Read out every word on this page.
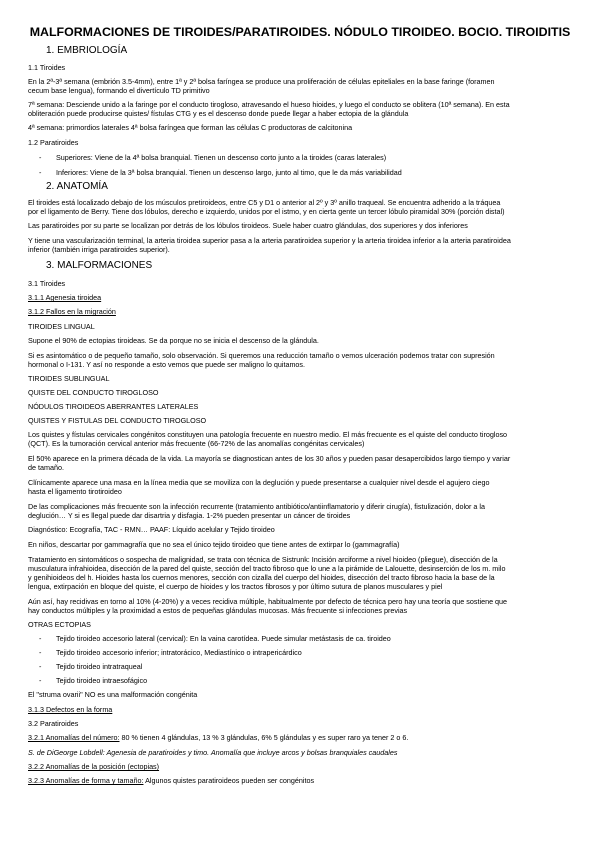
MALFORMACIONES DE TIROIDES/PARATIROIDES. NÓDULO TIROIDEO. BOCIO. TIROIDITIS
1. EMBRIOLOGÍA
1.1 Tiroides
En la 2ª-3ª semana (embrión 3.5-4mm), entre 1ª y 2ª bolsa faríngea se produce una proliferación de células epiteliales en la base faringe (foramen
cecum base lengua), formando el divertículo TD primitivo
7ª semana: Desciende unido a la faringe por el conducto tirogloso, atravesando el hueso hioides, y luego el conducto se oblitera (10ª semana). En esta
obliteración puede producirse quistes/ fístulas CTG y es el descenso donde puede llegar a haber ectopia de la glándula
4ª semana: primordios laterales 4ª bolsa faríngea que forman las células C productoras de calcitonina
1.2 Paratiroides
- Superiores: Viene de la 4ª bolsa branquial. Tienen un descenso corto junto a la tiroides (caras laterales)
- Inferiores: Viene de la 3ª bolsa branquial. Tienen un descenso largo, junto al timo, que le da más variabilidad
2. ANATOMÍA
El tiroides está localizado debajo de los músculos pretiroideos, entre C5 y D1 o anterior al 2º y 3º anillo traqueal. Se encuentra adherido a la tráquea
por el ligamento de Berry. Tiene dos lóbulos, derecho e izquierdo, unidos por el istmo, y en cierta gente un tercer lóbulo piramidal 30% (porción distal)
Las paratiroides por su parte se localizan por detrás de los lóbulos tiroideos. Suele haber cuatro glándulas, dos superiores y dos inferiores
Y tiene una vascularización terminal, la arteria tiroidea superior pasa a la arteria paratiroidea superior y la arteria tiroidea inferior a la arteria paratiroidea
inferior (también irriga paratiroides superior).
3. MALFORMACIONES
3.1 Tiroides
3.1.1 Agenesia tiroidea
3.1.2 Fallos en la migración
TIROIDES LINGUAL
Supone el 90% de ectopias tiroideas. Se da porque no se inicia el descenso de la glándula.
Si es asintomático o de pequeño tamaño, solo observación. Si queremos una reducción tamaño o vemos ulceración podemos tratar con supresión
hormonal o I-131. Y así no responde a esto vemos que puede ser maligno lo quitamos.
TIROIDES SUBLINGUAL
QUISTE DEL CONDUCTO TIROGLOSO
NÓDULOS TIROIDEOS ABERRANTES LATERALES
QUISTES Y FISTULAS DEL CONDUCTO TIROGLOSO
Los quistes y fístulas cervicales congénitos constituyen una patología frecuente en nuestro medio. El más frecuente es el quiste del conducto tirogloso
(QCT). Es la tumoración cervical anterior más frecuente (66-72% de las anomalías congénitas cervicales)
El 50% aparece en la primera década de la vida. La mayoría se diagnostican antes de los 30 años y pueden pasar desapercibidos largo tiempo y variar
de tamaño.
Clínicamente aparece una masa en la línea media que se moviliza con la deglución y puede presentarse a cualquier nivel desde el agujero ciego
hasta el ligamento tirotiroideo
De las complicaciones más frecuente son la infección recurrente (tratamiento antibiótico/antiinflamatorio y diferir cirugía), fistulización, dolor a la
deglución… Y si es llegal puede dar disartria y disfagia. 1-2% pueden presentar un cáncer de tiroides
Diagnóstico: Ecografía, TAC - RMN… PAAF: Líquido acelular y Tejido tiroideo
En niños, descartar por gammagrafía que no sea el único tejido tiroideo que tiene antes de extirpar lo (gammagrafía)
Tratamiento en sintomáticos o sospecha de malignidad, se trata con técnica de Sistrunk: Incisión arciforme a nivel hioideo (pliegue), disección de la
musculatura infrahioidea, disección de la pared del quiste, sección del tracto fibroso que lo une a la pirámide de Lalouette, desinserción de los m. milo
y genihioideos del h. Hioides hasta los cuernos menores, sección con cizalla del cuerpo del hioides, disección del tracto fibroso hacia la base de la
lengua, extirpación en bloque del quiste, el cuerpo de hioides y los tractos fibrosos y por último sutura de planos musculares y piel
Aún así, hay recidivas en torno al 10% (4-20%) y a veces recidiva múltiple, habitualmente por defecto de técnica pero hay una teoría que sostiene que
hay conductos múltiples y la proximidad a estos de pequeñas glándulas mucosas. Más frecuente si infecciones previas
OTRAS ECTOPIAS
- Tejido tiroideo accesorio lateral (cervical): En la vaina carotídea. Puede simular metástasis de ca. tiroideo
- Tejido tiroideo accesorio inferior; intratorácico, Mediastínico o intrapericárdico
- Tejido tiroideo intratraqueal
- Tejido tiroideo intraesofágico
El "struma ovarii" NO es una malformación congénita
3.1.3 Defectos en la forma
3.2 Paratiroides
3.2.1 Anomalías del número: 80 % tienen 4 glándulas, 13 % 3 glándulas, 6% 5 glándulas y es super raro ya tener 2 o 6.
S. de DiGeorge Lobdell: Agenesia de paratiroides y timo. Anomalía que incluye arcos y bolsas branquiales caudales
3.2.2 Anomalías de la posición (ectopias)
3.2.3 Anomalías de forma y tamaño: Algunos quistes paratiroideos pueden ser congénitos
